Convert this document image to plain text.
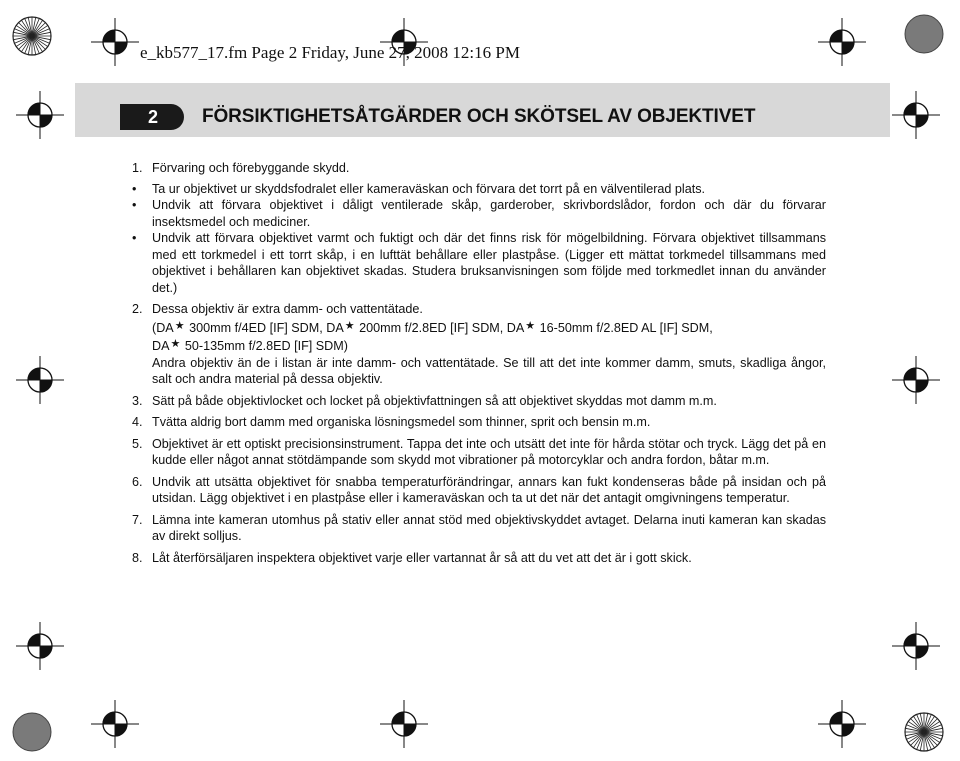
e_kb577_17.fm Page 2 Friday, June 27, 2008 12:16 PM
2	FÖRSIKTIGHETSÅTGÄRDER OCH SKÖTSEL AV OBJEKTIVET
1. Förvaring och förebyggande skydd.
•	Ta ur objektivet ur skyddsfodralet eller kameraväskan och förvara det torrt på en välventilerad plats.
•	Undvik att förvara objektivet i dåligt ventilerade skåp, garderober, skrivbordslådor, fordon och där du förvarar insektsmedel och mediciner.
•	Undvik att förvara objektivet varmt och fuktigt och där det finns risk för mögelbildning. Förvara objektivet tillsammans med ett torkmedel i ett torrt skåp, i en lufttät behållare eller plastpåse. (Ligger ett mättat torkmedel tillsammans med objektivet i behållaren kan objektivet skadas. Studera bruksanvisningen som följde med torkmedlet innan du använder det.)
2. Dessa objektiv är extra damm- och vattentätade.

(DA★ 300mm f/4ED [IF] SDM, DA★ 200mm f/2.8ED [IF] SDM, DA★ 16-50mm f/2.8ED AL [IF] SDM,

DA★ 50-135mm f/2.8ED [IF] SDM)

Andra objektiv än de i listan är inte damm- och vattentätade. Se till att det inte kommer damm, smuts, skadliga ångor, salt och andra material på dessa objektiv.

3. Sätt på både objektivlocket och locket på objektivfattningen så att objektivet skyddas mot damm m.m.
4. Tvätta aldrig bort damm med organiska lösningsmedel som thinner, sprit och bensin m.m.
5. Objektivet är ett optiskt precisionsinstrument. Tappa det inte och utsätt det inte för hårda stötar och tryck. Lägg det på en kudde eller något annat stötdämpande som skydd mot vibrationer på motorcyklar och andra fordon, båtar m.m.
6. Undvik att utsätta objektivet för snabba temperaturförändringar, annars kan fukt kondenseras både på insidan och på utsidan. Lägg objektivet i en plastpåse eller i kameraväskan och ta ut det när det antagit omgivningens temperatur.
7. Lämna inte kameran utomhus på stativ eller annat stöd med objektivskyddet avtaget. Delarna inuti kameran kan skadas av direkt solljus.
8. Låt återförsäljaren inspektera objektivet varje eller vartannat år så att du vet att det är i gott skick.
